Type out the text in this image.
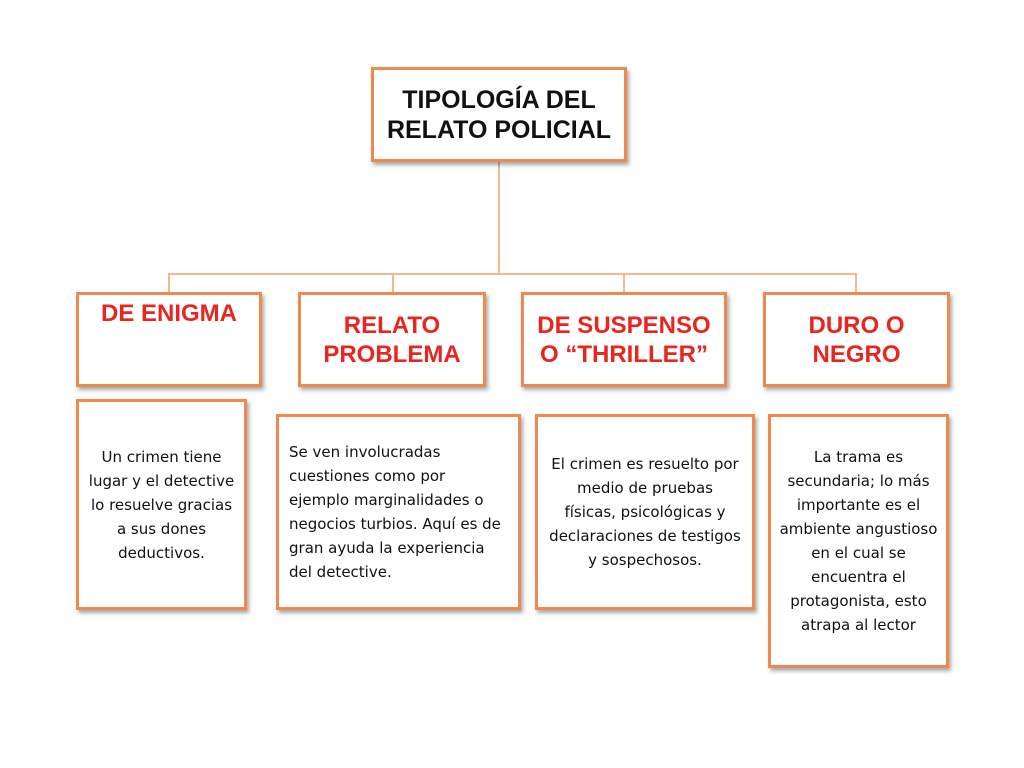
TIPOLOGÍA DEL RELATO POLICIAL
DE ENIGMA	RELATO PROBLEMA
DE SUSPENSO O “THRILLER”
DURO O NEGRO
Un crimen tiene lugar y el detective lo resuelve gracias a sus dones deductivos.
Se ven involucradas cuestiones como por ejemplo marginalidades o negocios turbios. Aquí es de gran ayuda la experiencia del detective.
El crimen es resuelto por medio de pruebas físicas, psicológicas y declaraciones de testigos y sospechosos.
La trama es secundaria; lo más importante es el ambiente angustioso en el cual se encuentra el protagonista, esto atrapa al lector
